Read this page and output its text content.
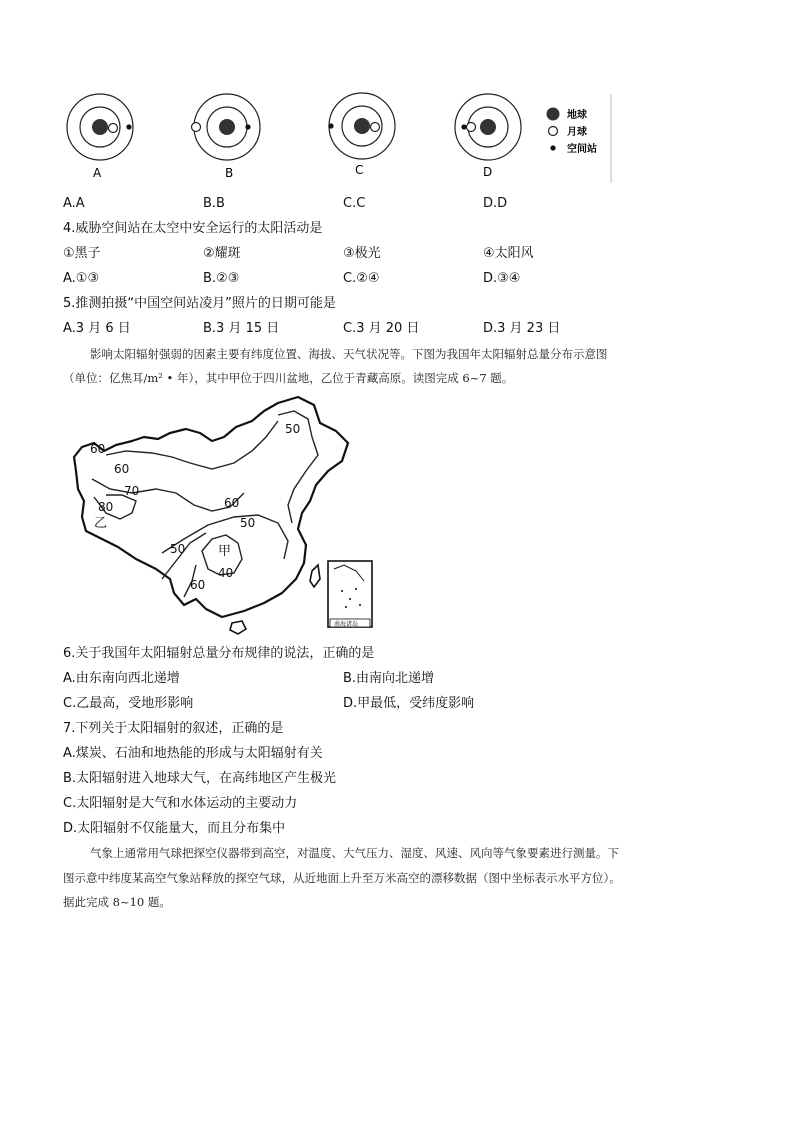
A	B	C	D
地球
月球
空间站
A.A	B.B	C.C	D.D
4.威胁空间站在太空中安全运行的太阳活动是
①黑子	②耀斑	③极光	④太阳风
A.①③	B.②③	C.②④	D.③④
5.推测拍摄“中国空间站凌月”照片的日期可能是
A.3 月 6 日	B.3 月 15 日	C.3 月 20 日	D.3 月 23 日
影响太阳辐射强弱的因素主要有纬度位置、海拔、天气状况等。下图为我国年太阳辐射总量分布示意图
（单位：亿焦耳/m² • 年），其中甲位于四川盆地，乙位于青藏高原。读图完成 6~7 题。
50
60
60
70
80	60
50
50
40
60
乙
甲
南海诸岛
6.关于我国年太阳辐射总量分布规律的说法，正确的是
A.由东南向西北递增	B.由南向北递增
C.乙最高，受地形影响	D.甲最低，受纬度影响
7.下列关于太阳辐射的叙述，正确的是
A.煤炭、石油和地热能的形成与太阳辐射有关
B.太阳辐射进入地球大气，在高纬地区产生极光
C.太阳辐射是大气和水体运动的主要动力
D.太阳辐射不仅能量大，而且分布集中
气象上通常用气球把探空仪器带到高空，对温度、大气压力、湿度、风速、风向等气象要素进行测量。下
图示意中纬度某高空气象站释放的探空气球，从近地面上升至万米高空的漂移数据（图中坐标表示水平方位）。
据此完成 8~10 题。
